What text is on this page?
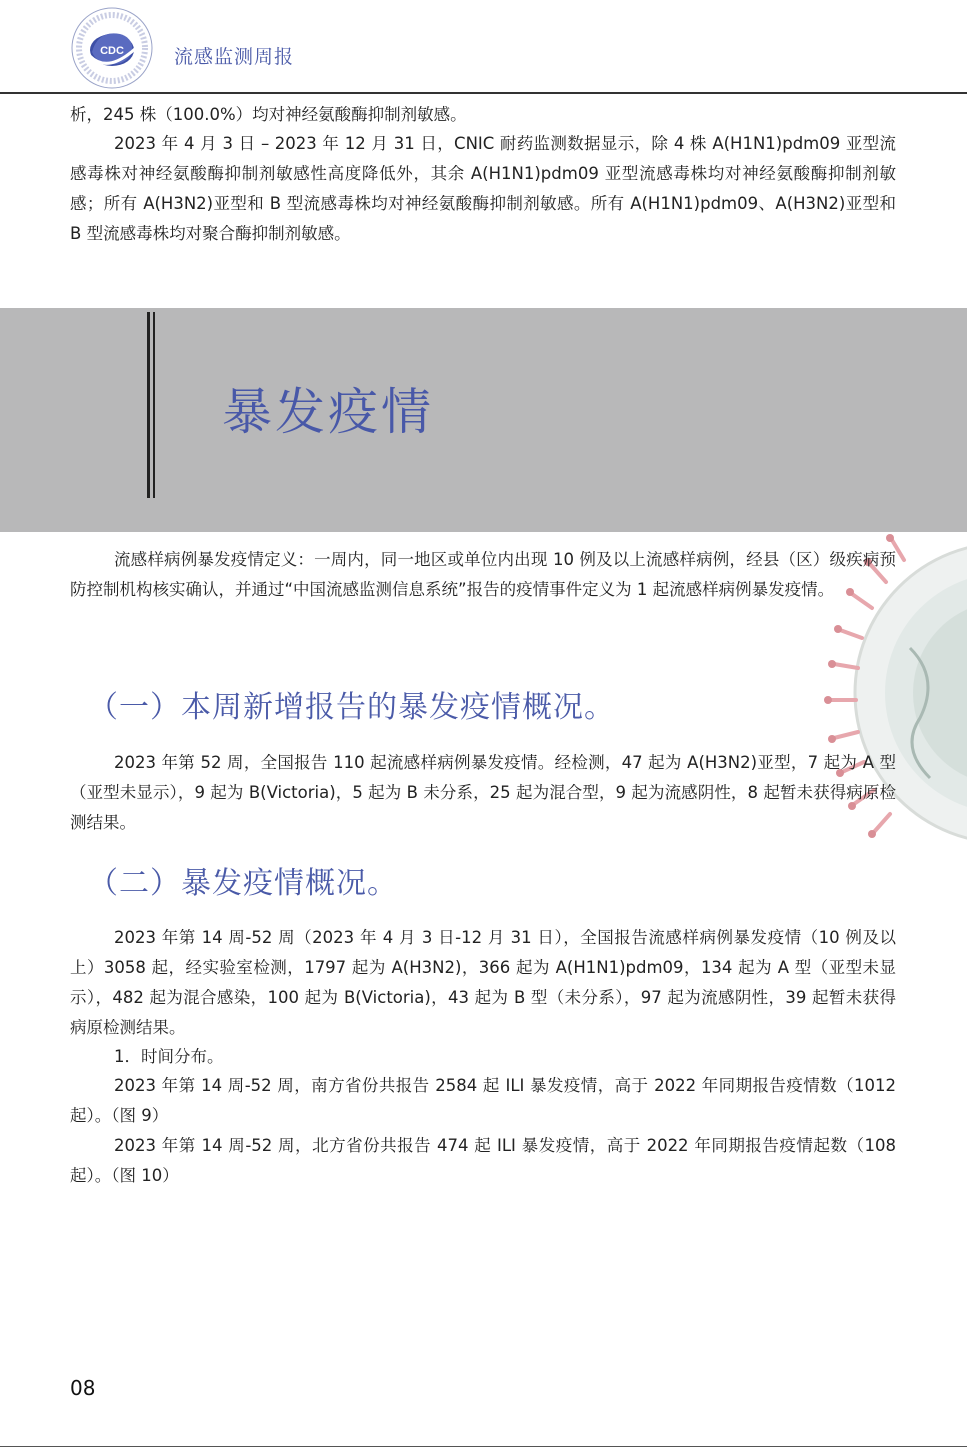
CDC	流感监测周报

析，245 株（100.0%）均对神经氨酸酶抑制剂敏感。

2023 年 4 月 3 日 – 2023 年 12 月 31 日，CNIC 耐药监测数据显示，除 4 株 A(H1N1)pdm09 亚型流感毒株对神经氨酸酶抑制剂敏感性高度降低外，其余 A(H1N1)pdm09 亚型流感毒株均对神经氨酸酶抑制剂敏感；所有 A(H3N2)亚型和 B 型流感毒株均对神经氨酸酶抑制剂敏感。所有 A(H1N1)pdm09、A(H3N2)亚型和 B 型流感毒株均对聚合酶抑制剂敏感。

暴发疫情

流感样病例暴发疫情定义：一周内，同一地区或单位内出现 10 例及以上流感样病例，经县（区）级疾病预防控制机构核实确认，并通过“中国流感监测信息系统”报告的疫情事件定义为 1 起流感样病例暴发疫情。

（一）本周新增报告的暴发疫情概况。

2023 年第 52 周，全国报告 110 起流感样病例暴发疫情。经检测，47 起为 A(H3N2)亚型，7 起为 A 型（亚型未显示），9 起为 B(Victoria)，5 起为 B 未分系，25 起为混合型，9 起为流感阴性，8 起暂未获得病原检测结果。

（二）暴发疫情概况。

2023 年第 14 周-52 周（2023 年 4 月 3 日-12 月 31 日），全国报告流感样病例暴发疫情（10 例及以上）3058 起，经实验室检测，1797 起为 A(H3N2)，366 起为 A(H1N1)pdm09，134 起为 A 型（亚型未显示），482 起为混合感染，100 起为 B(Victoria)，43 起为 B 型（未分系），97 起为流感阴性，39 起暂未获得病原检测结果。

1．时间分布。

2023 年第 14 周-52 周，南方省份共报告 2584 起 ILI 暴发疫情，高于 2022 年同期报告疫情数（1012 起）。（图 9）

2023 年第 14 周-52 周，北方省份共报告 474 起 ILI 暴发疫情，高于 2022 年同期报告疫情起数（108 起）。（图 10）

08
